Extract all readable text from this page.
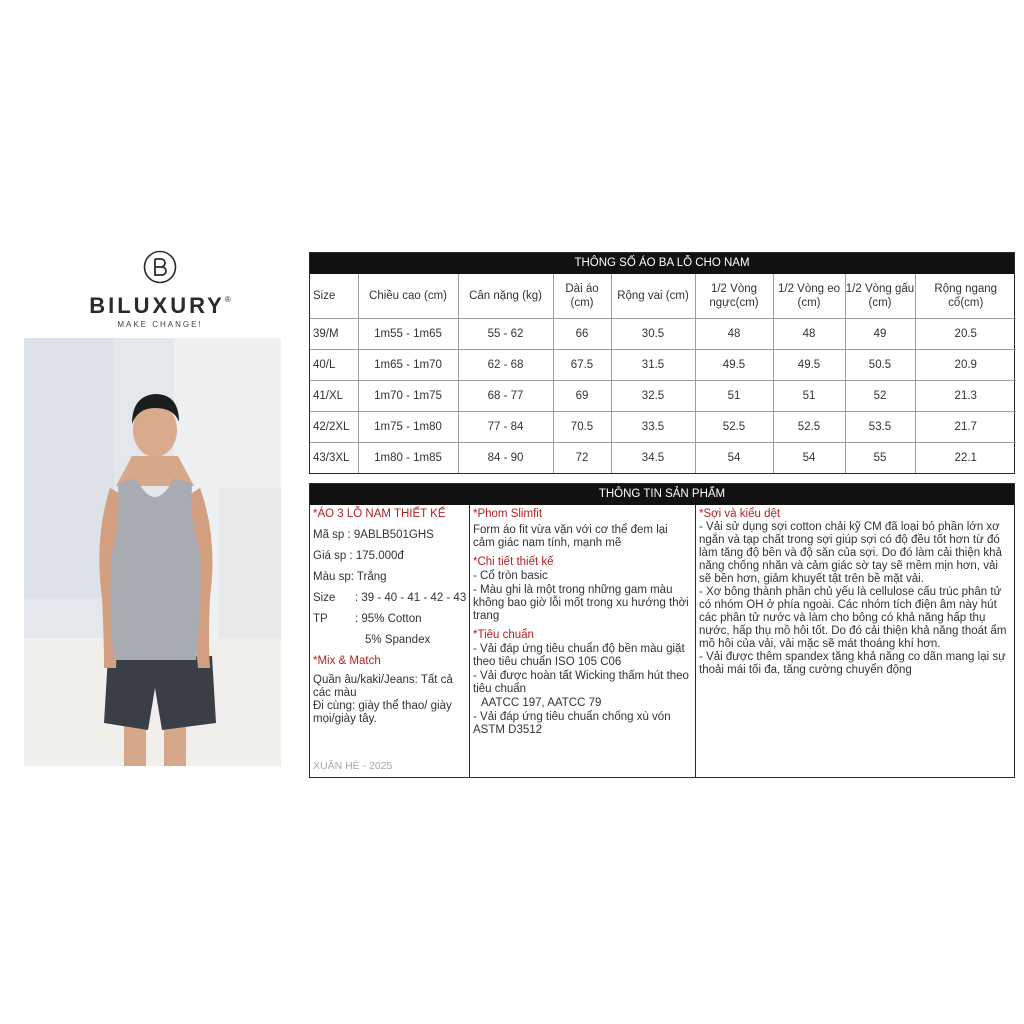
BILUXURY®
MAKE CHANGE!
THÔNG SỐ ÁO BA LỖ CHO NAM
Size	Chiều cao (cm)	Cân nặng (kg)	Dài áo (cm)	Rộng vai (cm)	1/2 Vòng ngực(cm)	1/2 Vòng eo (cm)	1/2 Vòng gấu (cm)	Rộng ngang cổ(cm)
39/M	1m55 - 1m65	55 - 62	66	30.5	48	48	49	20.5
40/L	1m65 - 1m70	62 - 68	67.5	31.5	49.5	49.5	50.5	20.9
41/XL	1m70 - 1m75	68 - 77	69	32.5	51	51	52	21.3
42/2XL	1m75 - 1m80	77 - 84	70.5	33.5	52.5	52.5	53.5	21.7
43/3XL	1m80 - 1m85	84 - 90	72	34.5	54	54	55	22.1
THÔNG TIN SẢN PHẨM
*ÁO 3 LỖ NAM THIẾT KẾ
Mã sp : 9ABLB501GHS
Giá sp : 175.000đ
Màu sp: Trắng
Size : 39 - 40 - 41 - 42 - 43
TP : 95% Cotton
5% Spandex
*Mix & Match
Quần âu/kaki/Jeans: Tất cả các màu
Đi cùng: giày thể thao/ giày mọi/giày tây.
XUÂN HÈ - 2025
*Phom Slimfit
Form áo fit vừa vặn với cơ thể đem lại cảm giác nam tính, mạnh mẽ
*Chi tiết thiết kế
- Cổ tròn basic
- Màu ghi là một trong những gam màu không bao giờ lỗi mốt trong xu hướng thời trang
*Tiêu chuẩn
- Vải đáp ứng tiêu chuẩn độ bền màu giặt theo tiêu chuẩn ISO 105 C06
- Vải được hoàn tất Wicking thấm hút theo tiêu chuẩn
AATCC 197, AATCC 79
- Vải đáp ứng tiêu chuẩn chống xù vón ASTM D3512
*Sợi và kiểu dệt
- Vải sử dụng sợi cotton chải kỹ CM đã loại bỏ phần lớn xơ ngắn và tạp chất trong sợi giúp sợi có độ đều tốt hơn từ đó làm tăng độ bền và độ săn của sợi. Do đó làm cải thiện khả năng chống nhăn và cảm giác sờ tay sẽ mềm mịn hơn, vải sẽ bền hơn, giảm khuyết tật trên bề mặt vải.
- Xơ bông thành phần chủ yếu là cellulose cấu trúc phân tử có nhóm OH ở phía ngoài. Các nhóm tích điện âm này hút các phân tử nước và làm cho bông có khả năng hấp thụ nước, hấp thụ mồ hôi tốt. Do đó cải thiện khả năng thoát ẩm mồ hôi của vải, vải mặc sẽ mát thoáng khí hơn.
- Vải được thêm spandex tăng khả năng co dãn mang lại sự thoải mái tối đa, tăng cường chuyển động
